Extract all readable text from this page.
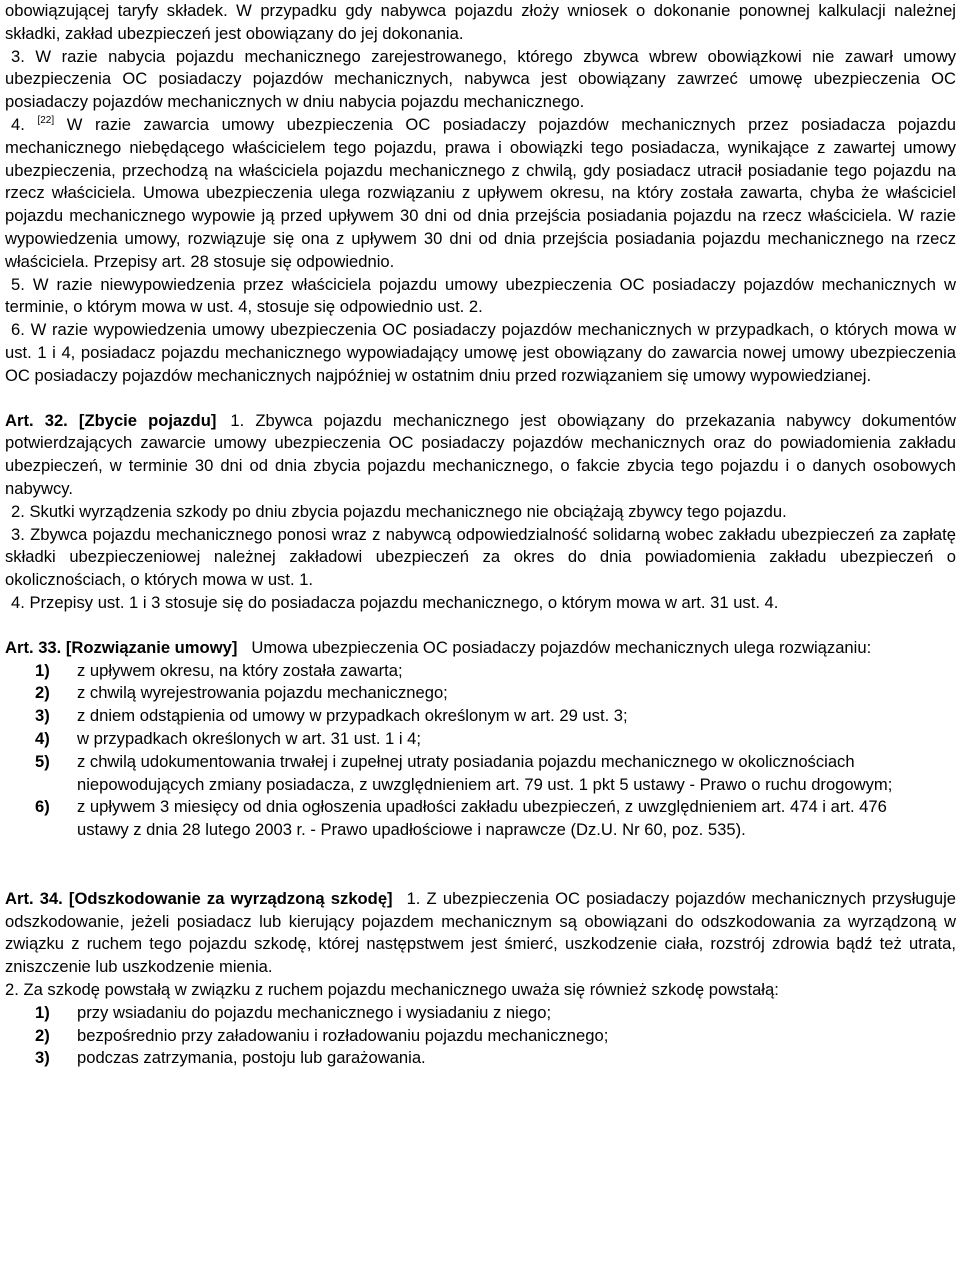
obowiązującej taryfy składek. W przypadku gdy nabywca pojazdu złoży wniosek o dokonanie ponownej kalkulacji należnej składki, zakład ubezpieczeń jest obowiązany do jej dokonania.

3. W razie nabycia pojazdu mechanicznego zarejestrowanego, którego zbywca wbrew obowiązkowi nie zawarł umowy ubezpieczenia OC posiadaczy pojazdów mechanicznych, nabywca jest obowiązany zawrzeć umowę ubezpieczenia OC posiadaczy pojazdów mechanicznych w dniu nabycia pojazdu mechanicznego.

4. [22] W razie zawarcia umowy ubezpieczenia OC posiadaczy pojazdów mechanicznych przez posiadacza pojazdu mechanicznego niebędącego właścicielem tego pojazdu, prawa i obowiązki tego posiadacza, wynikające z zawartej umowy ubezpieczenia, przechodzą na właściciela pojazdu mechanicznego z chwilą, gdy posiadacz utracił posiadanie tego pojazdu na rzecz właściciela. Umowa ubezpieczenia ulega rozwiązaniu z upływem okresu, na który została zawarta, chyba że właściciel pojazdu mechanicznego wypowie ją przed upływem 30 dni od dnia przejścia posiadania pojazdu na rzecz właściciela. W razie wypowiedzenia umowy, rozwiązuje się ona z upływem 30 dni od dnia przejścia posiadania pojazdu mechanicznego na rzecz właściciela. Przepisy art. 28 stosuje się odpowiednio.

5. W razie niewypowiedzenia przez właściciela pojazdu umowy ubezpieczenia OC posiadaczy pojazdów mechanicznych w terminie, o którym mowa w ust. 4, stosuje się odpowiednio ust. 2.

6. W razie wypowiedzenia umowy ubezpieczenia OC posiadaczy pojazdów mechanicznych w przypadkach, o których mowa w ust. 1 i 4, posiadacz pojazdu mechanicznego wypowiadający umowę jest obowiązany do zawarcia nowej umowy ubezpieczenia OC posiadaczy pojazdów mechanicznych najpóźniej w ostatnim dniu przed rozwiązaniem się umowy wypowiedzianej.

Art. 32. [Zbycie pojazdu] 1. Zbywca pojazdu mechanicznego jest obowiązany do przekazania nabywcy dokumentów potwierdzających zawarcie umowy ubezpieczenia OC posiadaczy pojazdów mechanicznych oraz do powiadomienia zakładu ubezpieczeń, w terminie 30 dni od dnia zbycia pojazdu mechanicznego, o fakcie zbycia tego pojazdu i o danych osobowych nabywcy.

2. Skutki wyrządzenia szkody po dniu zbycia pojazdu mechanicznego nie obciążają zbywcy tego pojazdu.

3. Zbywca pojazdu mechanicznego ponosi wraz z nabywcą odpowiedzialność solidarną wobec zakładu ubezpieczeń za zapłatę składki ubezpieczeniowej należnej zakładowi ubezpieczeń za okres do dnia powiadomienia zakładu ubezpieczeń o okolicznościach, o których mowa w ust. 1.

4. Przepisy ust. 1 i 3 stosuje się do posiadacza pojazdu mechanicznego, o którym mowa w art. 31 ust. 4.

Art. 33. [Rozwiązanie umowy] Umowa ubezpieczenia OC posiadaczy pojazdów mechanicznych ulega rozwiązaniu:

1)	z upływem okresu, na który została zawarta;
2)	z chwilą wyrejestrowania pojazdu mechanicznego;
3)	z dniem odstąpienia od umowy w przypadkach określonym w art. 29 ust. 3;
4)	w przypadkach określonych w art. 31 ust. 1 i 4;
5)	z chwilą udokumentowania trwałej i zupełnej utraty posiadania pojazdu mechanicznego w okolicznościach niepowodujących zmiany posiadacza, z uwzględnieniem art. 79 ust. 1 pkt 5 ustawy - Prawo o ruchu drogowym;
6)	z upływem 3 miesięcy od dnia ogłoszenia upadłości zakładu ubezpieczeń, z uwzględnieniem art. 474 i art. 476 ustawy z dnia 28 lutego 2003 r. - Prawo upadłościowe i naprawcze (Dz.U. Nr 60, poz. 535).

Art. 34. [Odszkodowanie za wyrządzoną szkodę] 1. Z ubezpieczenia OC posiadaczy pojazdów mechanicznych przysługuje odszkodowanie, jeżeli posiadacz lub kierujący pojazdem mechanicznym są obowiązani do odszkodowania za wyrządzoną w związku z ruchem tego pojazdu szkodę, której następstwem jest śmierć, uszkodzenie ciała, rozstrój zdrowia bądź też utrata, zniszczenie lub uszkodzenie mienia.

2. Za szkodę powstałą w związku z ruchem pojazdu mechanicznego uważa się również szkodę powstałą:

1)	przy wsiadaniu do pojazdu mechanicznego i wysiadaniu z niego;
2)	bezpośrednio przy załadowaniu i rozładowaniu pojazdu mechanicznego;
3)	podczas zatrzymania, postoju lub garażowania.
